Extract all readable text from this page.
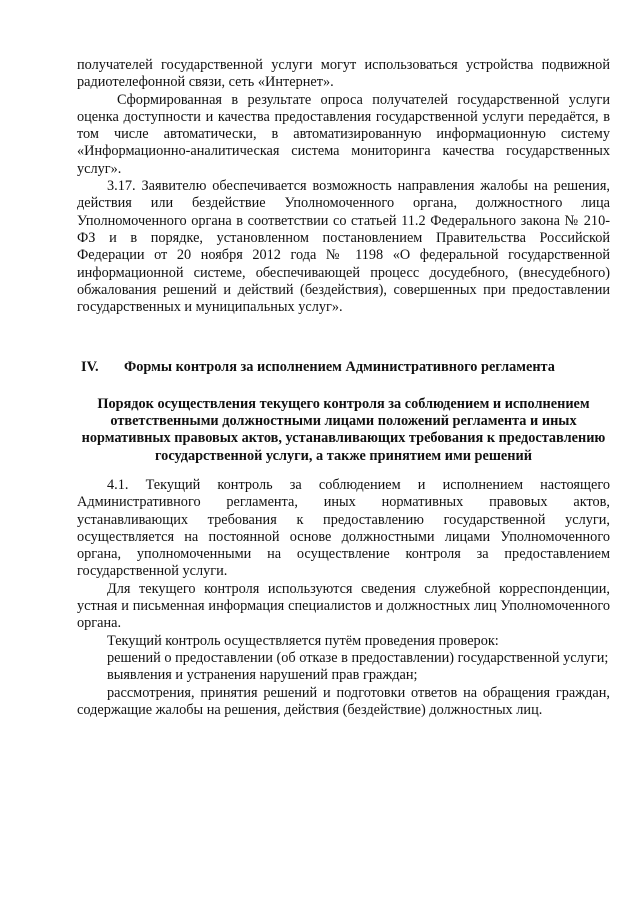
получателей государственной услуги могут использоваться устройства подвижной радиотелефонной связи, сеть «Интернет».

Сформированная в результате опроса получателей государственной услуги оценка доступности и качества предоставления государственной услуги передаётся, в том числе автоматически, в автоматизированную информационную систему «Информационно-аналитическая система мониторинга качества государственных услуг».

3.17. Заявителю обеспечивается возможность направления жалобы на решения, действия или бездействие Уполномоченного органа, должностного лица Уполномоченного органа в соответствии со статьей 11.2 Федерального закона № 210-ФЗ и в порядке, установленном постановлением Правительства Российской Федерации от 20 ноября 2012 года № 1198 «О федеральной государственной информационной системе, обеспечивающей процесс досудебного, (внесудебного) обжалования решений и действий (бездействия), совершенных при предоставлении государственных и муниципальных услуг».

IV. Формы контроля за исполнением Административного регламента
Порядок осуществления текущего контроля за соблюдением и исполнением ответственными должностными лицами положений регламента и иных нормативных правовых актов, устанавливающих требования к предоставлению государственной услуги, а также принятием ими решений

4.1. Текущий контроль за соблюдением и исполнением настоящего Административного регламента, иных нормативных правовых актов, устанавливающих требования к предоставлению государственной услуги, осуществляется на постоянной основе должностными лицами Уполномоченного органа, уполномоченными на осуществление контроля за предоставлением государственной услуги.

Для текущего контроля используются сведения служебной корреспонденции, устная и письменная информация специалистов и должностных лиц Уполномоченного органа.

Текущий контроль осуществляется путём проведения проверок:

решений о предоставлении (об отказе в предоставлении) государственной услуги;

выявления и устранения нарушений прав граждан;

рассмотрения, принятия решений и подготовки ответов на обращения граждан, содержащие жалобы на решения, действия (бездействие) должностных лиц.
